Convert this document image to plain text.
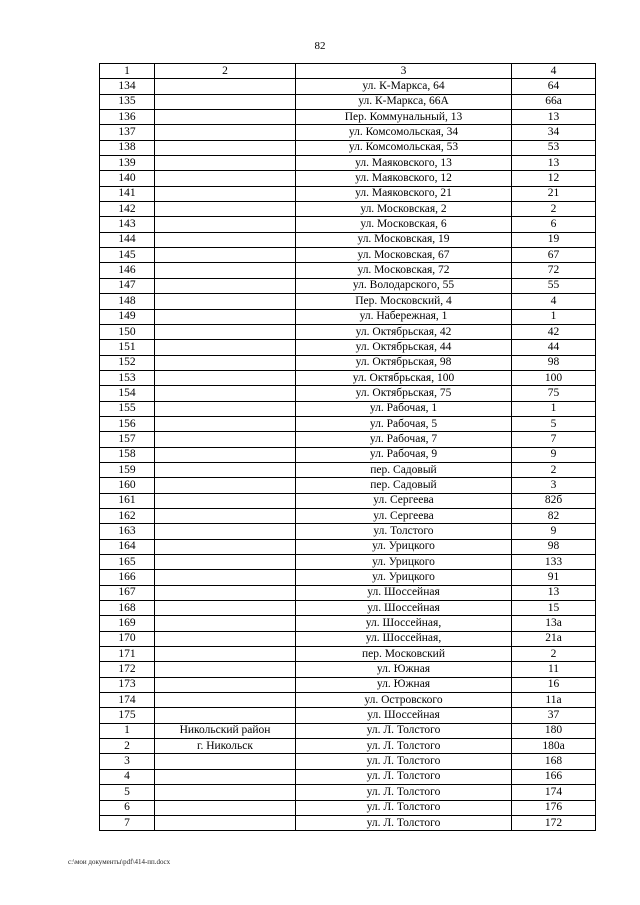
82
1	2	3	4
134		ул. К-Маркса, 64	64
135		ул. К-Маркса, 66А	66а
136		Пер. Коммунальный, 13	13
137		ул. Комсомольская, 34	34
138		ул. Комсомольская, 53	53
139		ул. Маяковского, 13	13
140		ул. Маяковского, 12	12
141		ул. Маяковского, 21	21
142		ул. Московская, 2	2
143		ул. Московская, 6	6
144		ул. Московская, 19	19
145		ул. Московская, 67	67
146		ул. Московская, 72	72
147		ул. Володарского, 55	55
148		Пер. Московский, 4	4
149		ул. Набережная, 1	1
150		ул. Октябрьская, 42	42
151		ул. Октябрьская, 44	44
152		ул. Октябрьская, 98	98
153		ул. Октябрьская, 100	100
154		ул. Октябрьская, 75	75
155		ул. Рабочая, 1	1
156		ул. Рабочая, 5	5
157		ул. Рабочая, 7	7
158		ул. Рабочая, 9	9
159		пер. Садовый	2
160		пер. Садовый	3
161		ул. Сергеева	82б
162		ул. Сергеева	82
163		ул. Толстого	9
164		ул. Урицкого	98
165		ул. Урицкого	133
166		ул. Урицкого	91
167		ул. Шоссейная	13
168		ул. Шоссейная	15
169		ул. Шоссейная,	13а
170		ул. Шоссейная,	21а
171		пер. Московский	2
172		ул. Южная	11
173		ул. Южная	16
174		ул. Островского	11а
175		ул. Шоссейная	37
1	Никольский район	ул. Л. Толстого	180
2	г. Никольск	ул. Л. Толстого	180а
3		ул. Л. Толстого	168
4		ул. Л. Толстого	166
5		ул. Л. Толстого	174
6		ул. Л. Толстого	176
7		ул. Л. Толстого	172
c:\мои документы\pdf\414-пп.docx
